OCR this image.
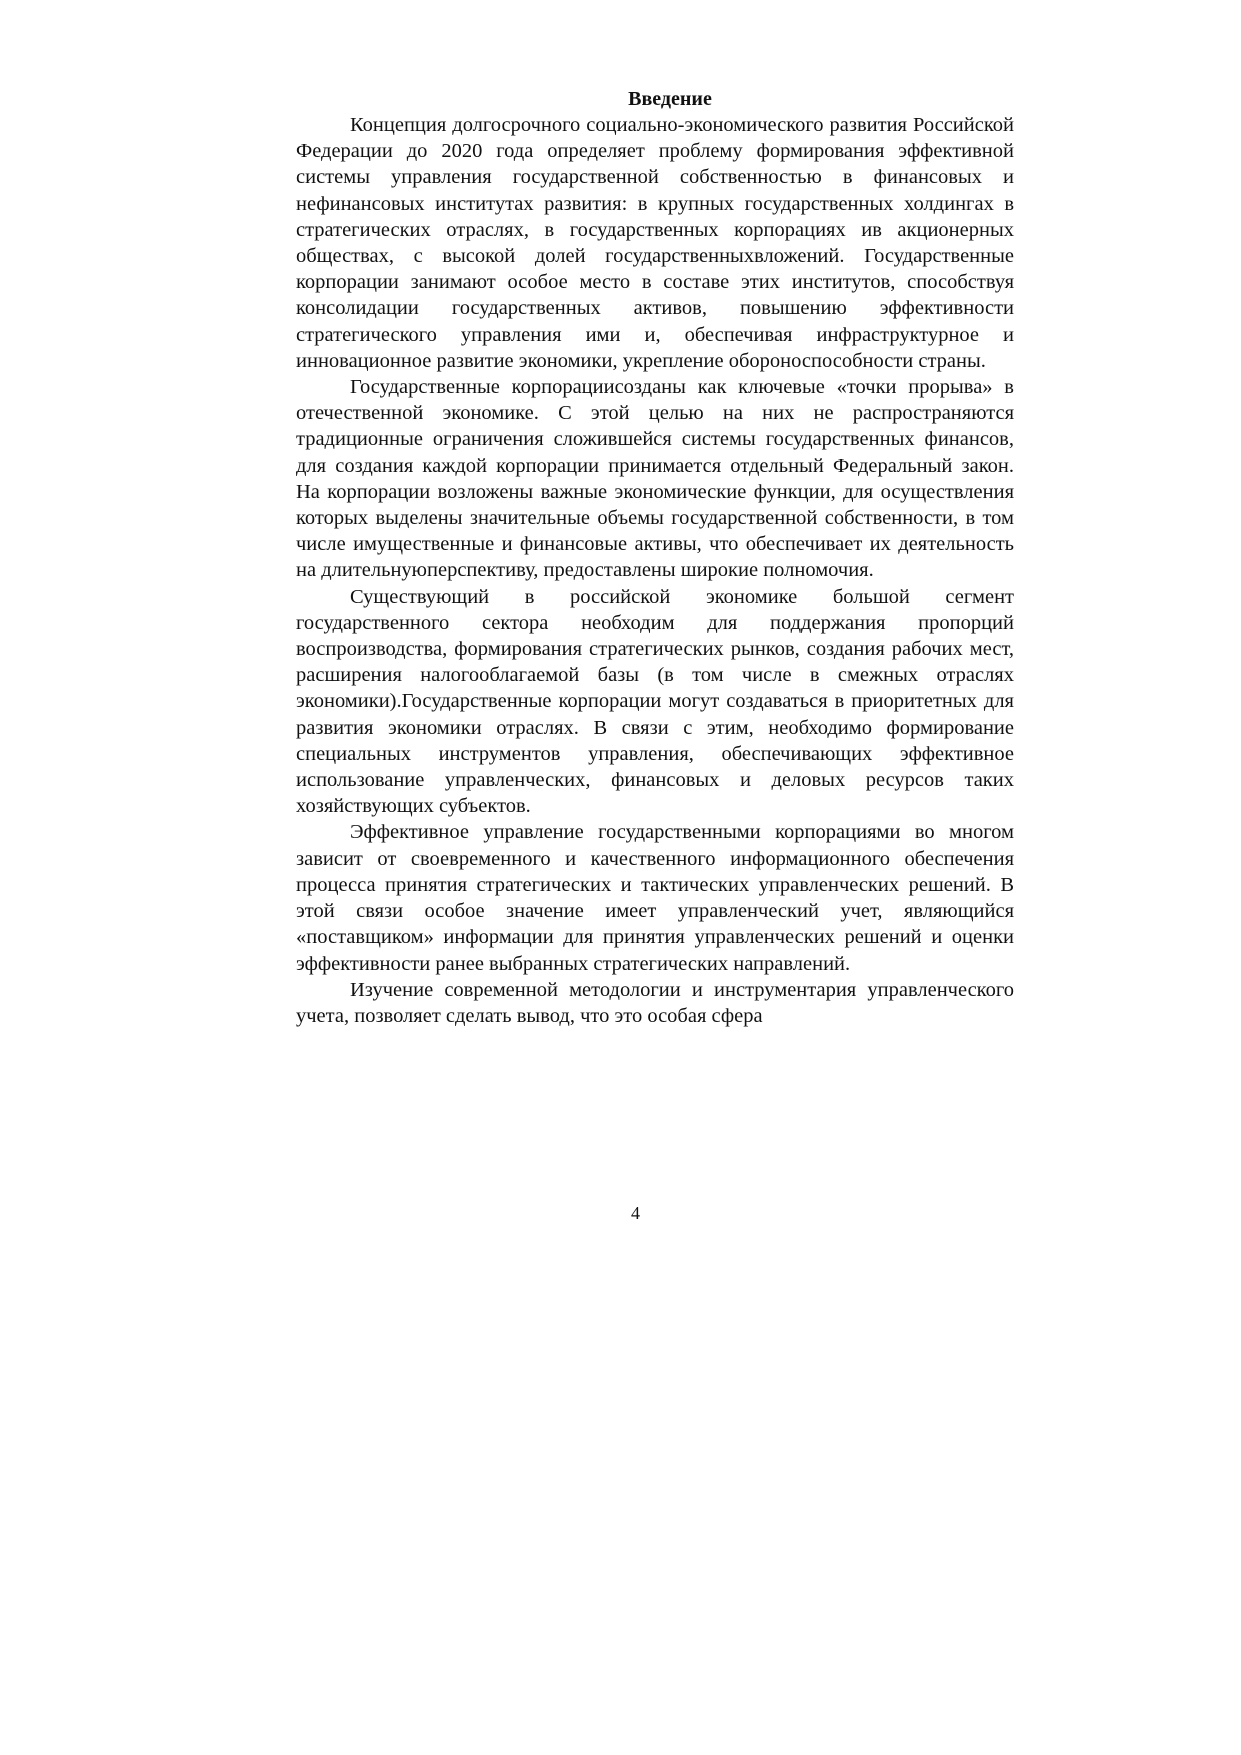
Введение

Концепция долгосрочного социально-экономического развития Российской Федерации до 2020 года определяет проблему формирования эффективной системы управления государственной собственностью в финансовых и нефинансовых институтах развития: в крупных государственных холдингах в стратегических отраслях, в государственных корпорациях ив акционерных обществах, с высокой долей государственныхвложений. Государственные корпорации занимают особое место в составе этих институтов, способствуя консолидации государственных активов, повышению эффективности стратегического управления ими и, обеспечивая инфраструктурное и инновационное развитие экономики, укрепление обороноспособности страны.

Государственные корпорациисозданы как ключевые «точки прорыва» в отечественной экономике. С этой целью на них не распространяются традиционные ограничения сложившейся системы государственных финансов, для создания каждой корпорации принимается отдельный Федеральный закон. На корпорации возложены важные экономические функции, для осуществления которых выделены значительные объемы государственной собственности, в том числе имущественные и финансовые активы, что обеспечивает их деятельность на длительнуюперспективу, предоставлены широкие полномочия.

Существующий в российской экономике большой сегмент государственного сектора необходим для поддержания пропорций воспроизводства, формирования стратегических рынков, создания рабочих мест, расширения налогооблагаемой базы (в том числе в смежных отраслях экономики).Государственные корпорации могут создаваться в приоритетных для развития экономики отраслях. В связи с этим, необходимо формирование специальных инструментов управления, обеспечивающих эффективное использование управленческих, финансовых и деловых ресурсов таких хозяйствующих субъектов.

Эффективное управление государственными корпорациями во многом зависит от своевременного и качественного информационного обеспечения процесса принятия стратегических и тактических управленческих решений. В этой связи особое значение имеет управленческий учет, являющийся «поставщиком» информации для принятия управленческих решений и оценки эффективности ранее выбранных стратегических направлений.

Изучение современной методологии и инструментария управленческого учета, позволяет сделать вывод, что это особая сфера

4
